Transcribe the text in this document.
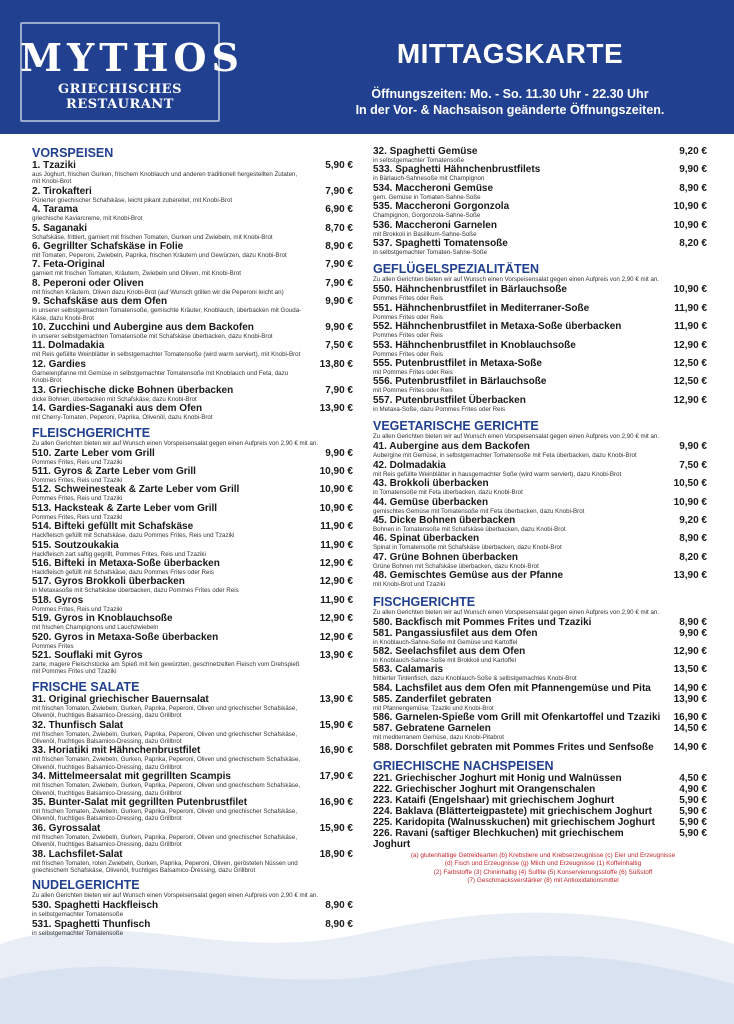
MYTHOS
GRIECHISCHES RESTAURANT
MITTAGSKARTE
Öffnungszeiten: Mo. - So. 11.30 Uhr - 22.30 Uhr
In der Vor- & Nachsaison geänderte Öffnungszeiten.
VORSPEISEN
1. Tzaziki	5,90 €
aus Joghurt, frischen Gurken, frischem Knoblauch und anderen traditionell hergestellten Zutaten, mit Knobi-Brot
2. Tirokafteri	7,90 €
Pürierter griechischer Schafskäse, leicht pikant zubereitet, mit Knobi-Brot
4. Tarama	6,90 €
griechische Kaviarcreme, mit Knobi-Brot
5. Saganaki	8,70 €
Schafskäse, frittiert, garniert mit frischen Tomaten, Gurken und Zwiebeln, mit Knobi-Brot
6. Gegrillter Schafskäse in Folie	8,90 €
mit Tomaten, Peperoni, Zwiebeln, Paprika, frischen Kräutern und Gewürzen, dazu Knobi-Brot
7. Feta-Original	7,90 €
garniert mit frischen Tomaten, Kräutern, Zwiebeln und Oliven, mit Knobi-Brot
8. Peperoni oder Oliven	7,90 €
mit frischen Kräutern, Oliven dazu Knobi-Brot (auf Wunsch grillen wir die Peperoni leicht an)
9. Schafskäse aus dem Ofen	9,90 €
in unserer selbstgemachten Tomatensoße, gemischte Kräuter, Knoblauch, überbacken mit Gouda-Käse, dazu Knobi-Brot
10. Zucchini und Aubergine aus dem Backofen	9,90 €
in unserer selbstgemachten Tomatensoße mit Schafskäse überbacken, dazu Knobi-Brot
11. Dolmadakia	7,50 €
mit Reis gefüllte Weinblätter in selbstgemachter Tomatensoße (wird warm serviert), mit Knobi-Brot
12. Gardies	13,80 €
Garnelenpfanne mit Gemüse in selbstgemachter Tomatensoße mit Knoblauch und Feta, dazu Knobi-Brot
13. Griechische dicke Bohnen überbacken	7,90 €
dicke Bohnen, überbacken mit Schafskäse, dazu Knobi-Brot
14. Gardies-Saganaki aus dem Ofen	13,90 €
mit Cherry-Tomaten, Peperoni, Paprika, Olivenöl, dazu Knobi-Brot
FLEISCHGERICHTE
Zu allen Gerichten bieten wir auf Wunsch einen Vorspeisensalat gegen einen Aufpreis von 2,90 € mit an.
510. Zarte Leber vom Grill	9,90 €
Pommes Frites, Reis und Tzaziki
511. Gyros & Zarte Leber vom Grill	10,90 €
Pommes Frites, Reis und Tzaziki
512. Schweinesteak & Zarte Leber vom Grill	10,90 €
Pommes Frites, Reis und Tzaziki
513. Hacksteak & Zarte Leber vom Grill	10,90 €
Pommes Frites, Reis und Tzaziki
514. Bifteki gefüllt mit Schafskäse	11,90 €
Hackfleisch gefüllt mit Schafskäse, dazu Pommes Frites, Reis und Tzaziki
515. Soutzoukakia	11,90 €
Hackfleisch zart saftig gegrillt, Pommes Frites, Reis und Tzaziki
516. Bifteki in Metaxa-Soße überbacken	12,90 €
Hackfleisch gefüllt mit Schafskäse, dazu Pommes Frites oder Reis
517. Gyros Brokkoli überbacken	12,90 €
in Metaxasoße mit Schafskäse überbacken, dazu Pommes Frites oder Reis
518. Gyros	11,90 €
Pommes Frites, Reis und Tzaziki
519. Gyros in Knoblauchsoße	12,90 €
mit frischen Champignons und Lauchzwiebeln
520. Gyros in Metaxa-Soße überbacken	12,90 €
Pommes Frites
521. Souflaki mit Gyros	13,90 €
zarte, magere Fleischstücke am Spieß mit fein gewürzten, geschnetzelten Fleisch vom Drehspieß mit Pommes Frites und Tzaziki
FRISCHE SALATE
31. Original griechischer Bauernsalat	13,90 €
mit frischen Tomaten, Zwiebeln, Gurken, Paprika, Peperoni, Oliven und griechischer Schafskäse, Olivenöl, fruchtiges Balsamico-Dressing, dazu Grillbrot
32. Thunfisch Salat	15,90 €
mit frischen Tomaten, Zwiebeln, Gurken, Paprika, Peperoni, Oliven und griechischer Schafskäse, Olivenöl, fruchtiges Balsamico-Dressing, dazu Grillbrot
33. Horiatiki mit Hähnchenbrustfilet	16,90 €
mit frischen Tomaten, Zwiebeln, Gurken, Paprika, Peperoni, Oliven und griechischem Schafskäse, Olivenöl, fruchtiges Balsamico-Dressing, dazu Grillbrot
34. Mittelmeersalat mit gegrillten Scampis	17,90 €
mit frischen Tomaten, Zwiebeln, Gurken, Paprika, Peperoni, Oliven und griechischem Schafskäse, Olivenöl, fruchtiges Balsamico-Dressing, dazu Grillbrot
35. Bunter-Salat mit gegrillten Putenbrustfilet	16,90 €
mit frischen Tomaten, Zwiebeln, Gurken, Paprika, Peperoni, Oliven und griechischer Schafskäse, Olivenöl, fruchtiges Balsamico-Dressing, dazu Grillbrot
36. Gyrossalat	15,90 €
mit frischen Tomaten, Zwiebeln, Gurken, Paprika, Peperoni, Oliven und griechischer Schafskäse, Olivenöl, fruchtiges Balsamico-Dressing, dazu Grillbrot
38. Lachsfilet-Salat	18,90 €
mit frischen Tomaten, roten Zwiebeln, Gurken, Paprika, Peperoni, Oliven, gerösteten Nüssen und griechischem Schafskäse, Olivenöl, fruchtiges Balsamico-Dressing, dazu Grillbrot
NUDELGERICHTE
Zu allen Gerichten bieten wir auf Wunsch einen Vorspeisensalat gegen einen Aufpreis von 2,90 € mit an.
530. Spaghetti Hackfleisch	8,90 €
in selbstgemachter Tomatensoße
531. Spaghetti Thunfisch	8,90 €
in selbstgemachter Tomatensoße
32. Spaghetti Gemüse	9,20 €
in selbstgemachter Tomatensoße
533. Spaghetti Hähnchenbrustfilets	9,90 €
in Bärlauch-Sahnesoße mit Champignon
534. Maccheroni Gemüse	8,90 €
gem. Gemüse in Tomaten-Sahne-Soße
535. Maccheroni Gorgonzola	10,90 €
Champignon, Gorgonzola-Sahne-Soße
536. Maccheroni Garnelen	10,90 €
mit Brokkoli in Basilikum-Sahne-Soße
537. Spaghetti Tomatensoße	8,20 €
in selbstgemachter Tomaten-Sahne-Soße
GEFLÜGELSPEZIALITÄTEN
Zu allen Gerichten bieten wir auf Wunsch einen Vorspeisensalat gegen einen Aufpreis von 2,90 € mit an.
550. Hähnchenbrustfilet in Bärlauchsoße	10,90 €
Pommes Frites oder Reis
551. Hähnchenbrustfilet in Mediterraner-Soße	11,90 €
Pommes Frites oder Reis
552. Hähnchenbrustfilet in Metaxa-Soße überbacken	11,90 €
Pommes Frites oder Reis
553. Hähnchenbrustfilet in Knoblauchsoße	12,90 €
Pommes Frites oder Reis
555. Putenbrustfilet in Metaxa-Soße	12,50 €
mit Pommes Frites oder Reis
556. Putenbrustfilet in Bärlauchsoße	12,50 €
mit Pommes Frites oder Reis
557. Putenbrustfilet Überbacken	12,90 €
in Metaxa-Soße, dazu Pommes Frites oder Reis
VEGETARISCHE GERICHTE
Zu allen Gerichten bieten wir auf Wunsch einen Vorspeisensalat gegen einen Aufpreis von 2,90 € mit an.
41. Aubergine aus dem Backofen	9,90 €
Aubergine mit Gemüse, in selbstgemachter Tomatensoße mit Feta überbacken, dazu Knobi-Brot
42. Dolmadakia	7,50 €
mit Reis gefüllte Weinblätter in hausgemachter Soße (wird warm serviert), dazu Knobi-Brot
43. Brokkoli überbacken	10,50 €
in Tomatensoße mit Feta überbacken, dazu Knobi-Brot
44. Gemüse überbacken	10,90 €
gemischtes Gemüse mit Tomatensoße mit Feta überbacken, dazu Knobi-Brot
45. Dicke Bohnen überbacken	9,20 €
Bohnen in Tomatensoße mit Schafskäse überbacken, dazu Knobi-Brot
46. Spinat überbacken	8,90 €
Spinat in Tomatensoße mit Schafskäse überbacken, dazu Knobi-Brot
47. Grüne Bohnen überbacken	8,20 €
Grüne Bohnen mit Schafskäse überbacken, dazu Knobi-Brot
48. Gemischtes Gemüse aus der Pfanne	13,90 €
mit Knobi-Brot und Tzaziki
FISCHGERICHTE
Zu allen Gerichten bieten wir auf Wunsch einen Vorspeisensalat gegen einen Aufpreis von 2,90 € mit an.
580. Backfisch mit Pommes Frites und Tzaziki	8,90 €
581. Pangassiusfilet aus dem Ofen	9,90 €
in Knoblauch-Sahne-Soße mit Gemüse und Kartoffel
582. Seelachsfilet aus dem Ofen	12,90 €
in Knoblauch-Sahne-Soße mit Brokkoli und Kartoffel
583. Calamaris	13,50 €
frittierter Tintenfisch, dazu Knoblauch-Soße & selbstgemachtes Knobi-Brot
584. Lachsfilet aus dem Ofen mit Pfannengemüse und Pita	14,90 €
585. Zanderfilet gebraten	13,90 €
mit Pfannengemüse, Tzaziki und Knobi-Brot
586. Garnelen-Spieße vom Grill mit Ofenkartoffel und Tzaziki	16,90 €
587. Gebratene Garnelen	14,50 €
mit mediterranem Gemüse, dazu Knobi-Pitabrot
588. Dorschfilet gebraten mit Pommes Frites und Senfsoße	14,90 €
GRIECHISCHE NACHSPEISEN
221. Griechischer Joghurt mit Honig und Walnüssen	4,50 €
222. Griechischer Joghurt mit Orangenschalen	4,90 €
223. Kataifi (Engelshaar) mit griechischem Joghurt	5,90 €
224. Baklava (Blätterteigpastete) mit griechischem Joghurt	5,90 €
225. Karidopita (Walnusskuchen) mit griechischem Joghurt	5,90 €
226. Ravani (saftiger Blechkuchen) mit griechischem Joghurt
5,90 €
(a) glutenhaltige Getreidearten (b) Krebstiere und Krebserzeugnisse (c) Eier und Erzeugnisse
(d) Fisch und Erzeugnisse (g) Milch und Erzeugnisse (1) Koffeinhaltig
(2) Farbstoffe (3) Chininhaltig (4) Sulfite (5) Konservierungsstoffe (6) Süßstoff
(7) Geschmacksverstärker (8) mit Antioxidationsmittel
